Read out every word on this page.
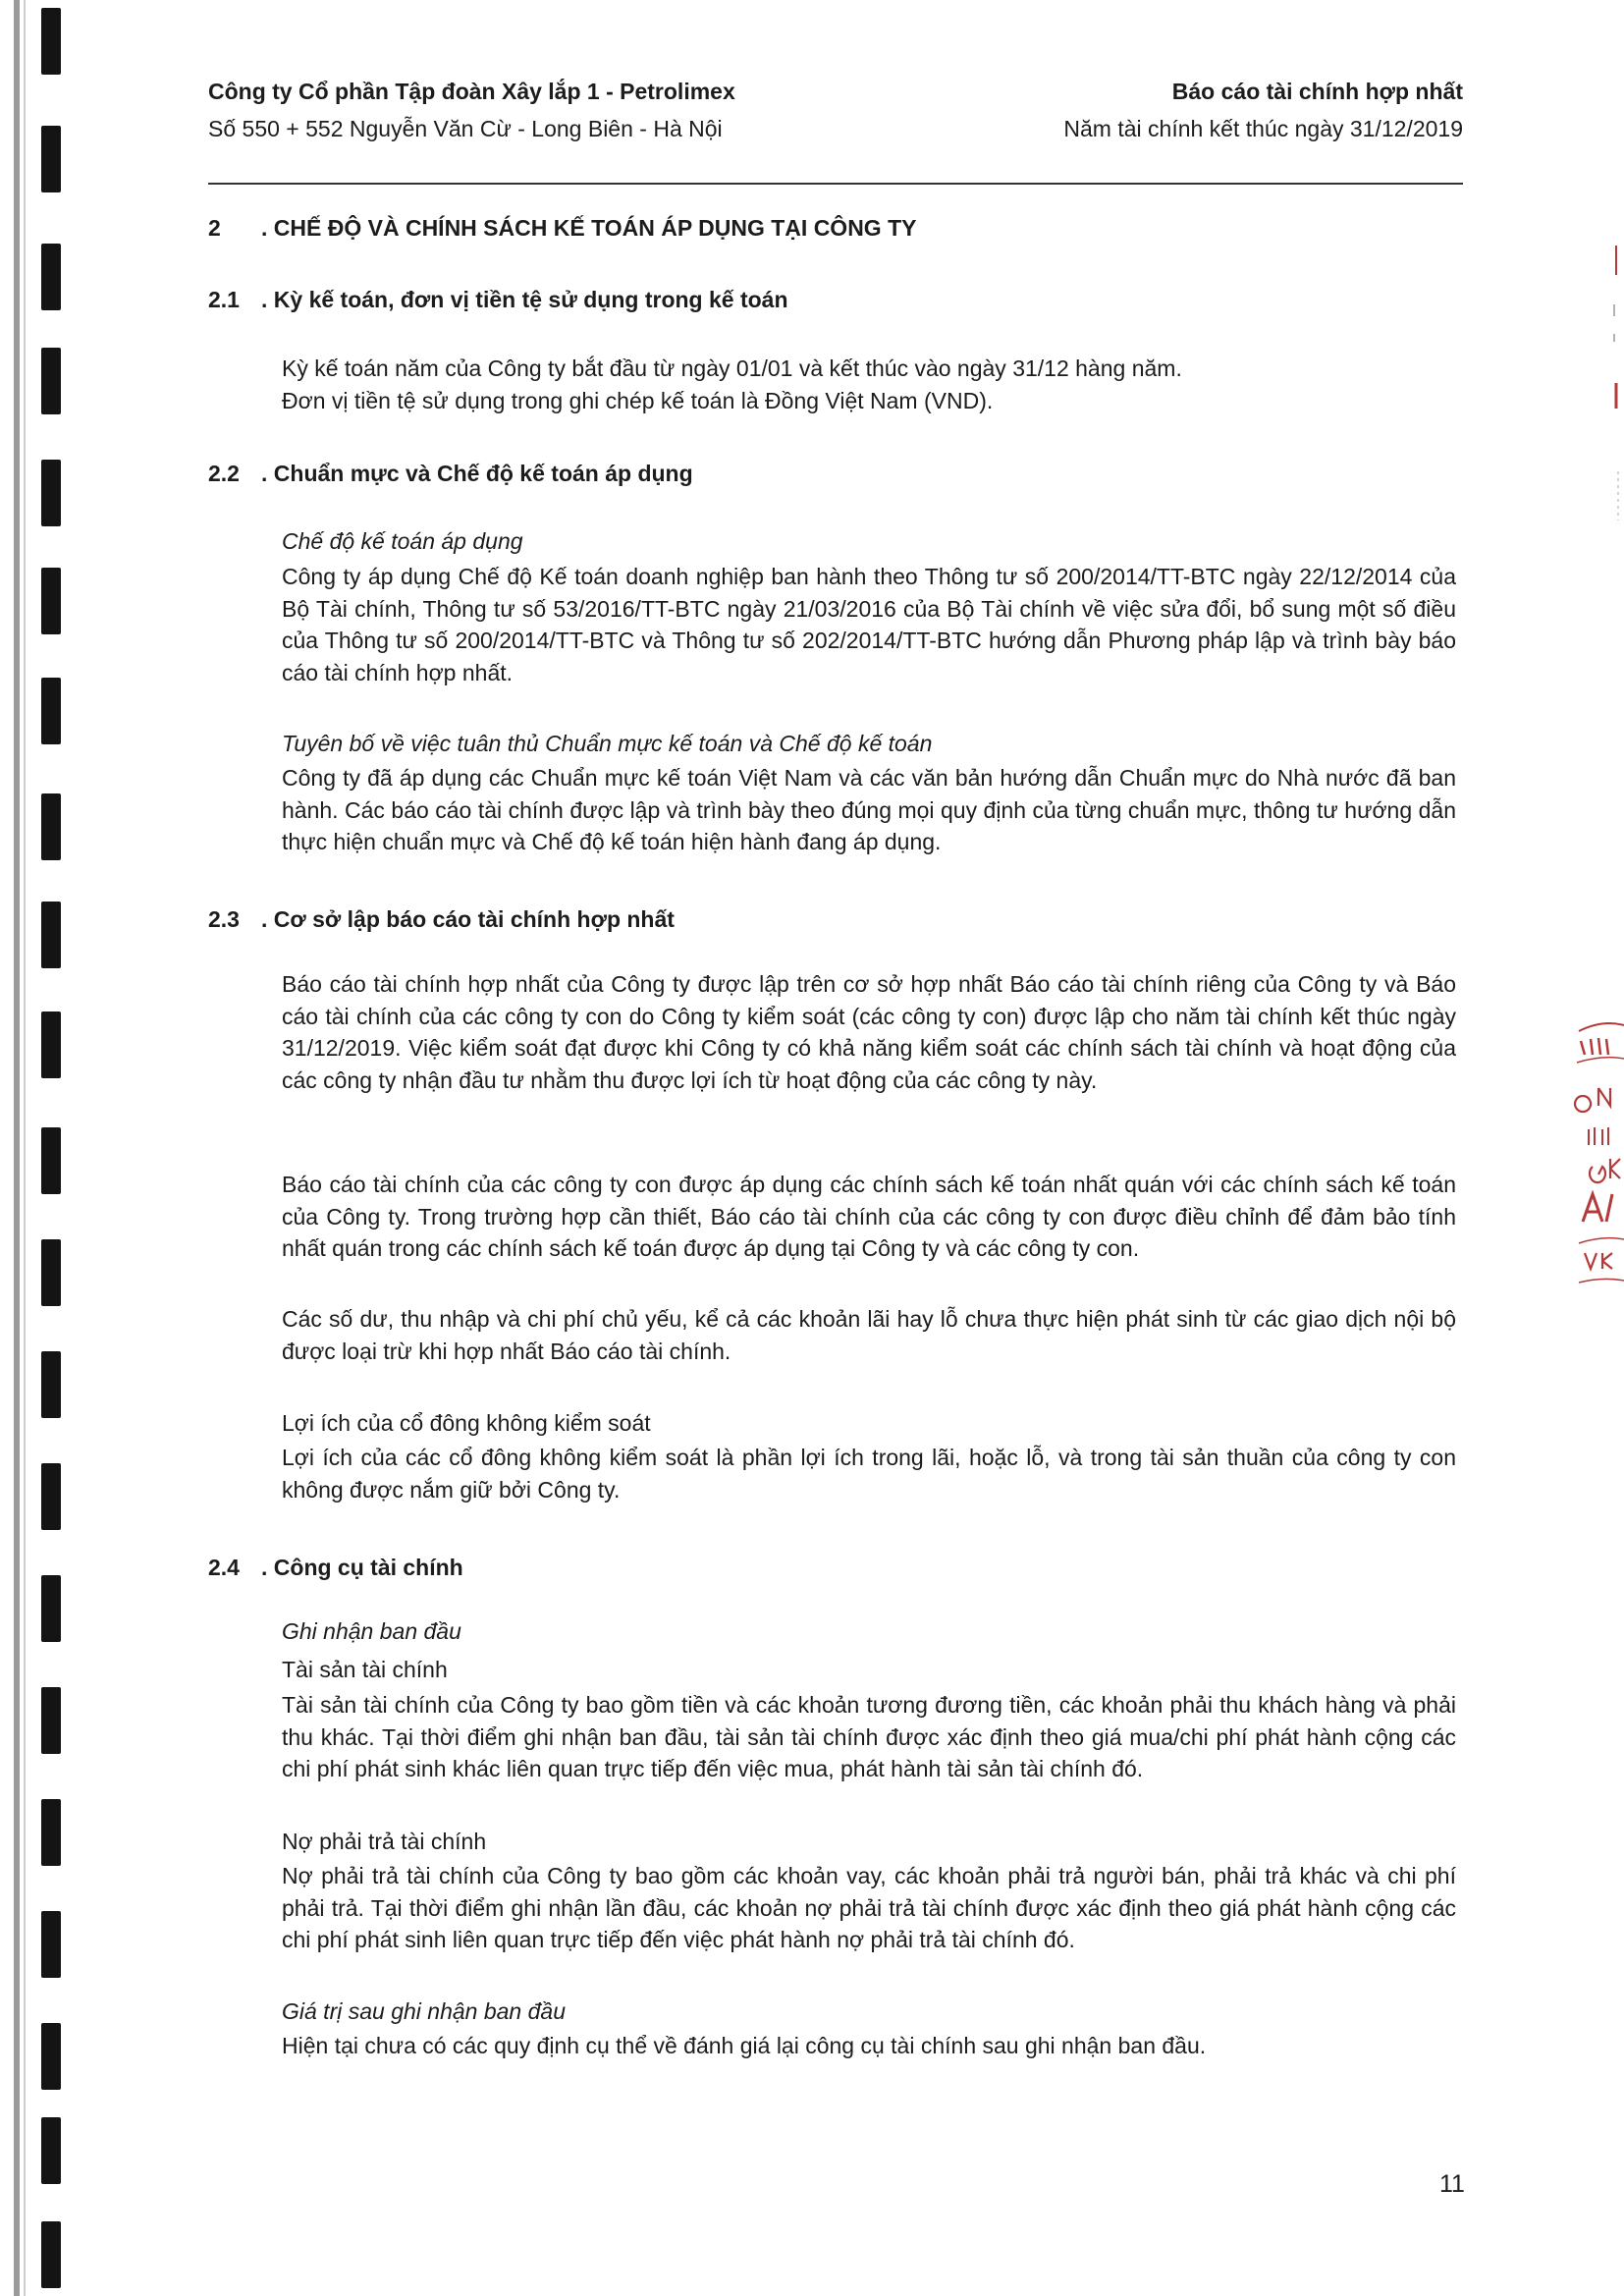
Công ty Cổ phần Tập đoàn Xây lắp 1 - Petrolimex
Số 550 + 552 Nguyễn Văn Cừ - Long Biên - Hà Nội
Báo cáo tài chính hợp nhất
Năm tài chính kết thúc ngày 31/12/2019
2 . CHẾ ĐỘ VÀ CHÍNH SÁCH KẾ TOÁN ÁP DỤNG TẠI CÔNG TY
2.1 . Kỳ kế toán, đơn vị tiền tệ sử dụng trong kế toán
Kỳ kế toán năm của Công ty bắt đầu từ ngày 01/01 và kết thúc vào ngày 31/12 hàng năm.
Đơn vị tiền tệ sử dụng trong ghi chép kế toán là Đồng Việt Nam (VND).
2.2 . Chuẩn mực và Chế độ kế toán áp dụng
Chế độ kế toán áp dụng
Công ty áp dụng Chế độ Kế toán doanh nghiệp ban hành theo Thông tư số 200/2014/TT-BTC ngày 22/12/2014 của Bộ Tài chính, Thông tư số 53/2016/TT-BTC ngày 21/03/2016 của Bộ Tài chính về việc sửa đổi, bổ sung một số điều của Thông tư số 200/2014/TT-BTC và Thông tư số 202/2014/TT-BTC hướng dẫn Phương pháp lập và trình bày báo cáo tài chính hợp nhất.
Tuyên bố về việc tuân thủ Chuẩn mực kế toán và Chế độ kế toán
Công ty đã áp dụng các Chuẩn mực kế toán Việt Nam và các văn bản hướng dẫn Chuẩn mực do Nhà nước đã ban hành. Các báo cáo tài chính được lập và trình bày theo đúng mọi quy định của từng chuẩn mực, thông tư hướng dẫn thực hiện chuẩn mực và Chế độ kế toán hiện hành đang áp dụng.
2.3 . Cơ sở lập báo cáo tài chính hợp nhất
Báo cáo tài chính hợp nhất của Công ty được lập trên cơ sở hợp nhất Báo cáo tài chính riêng của Công ty và Báo cáo tài chính của các công ty con do Công ty kiểm soát (các công ty con) được lập cho năm tài chính kết thúc ngày 31/12/2019. Việc kiểm soát đạt được khi Công ty có khả năng kiểm soát các chính sách tài chính và hoạt động của các công ty nhận đầu tư nhằm thu được lợi ích từ hoạt động của các công ty này.
Báo cáo tài chính của các công ty con được áp dụng các chính sách kế toán nhất quán với các chính sách kế toán của Công ty. Trong trường hợp cần thiết, Báo cáo tài chính của các công ty con được điều chỉnh để đảm bảo tính nhất quán trong các chính sách kế toán được áp dụng tại Công ty và các công ty con.
Các số dư, thu nhập và chi phí chủ yếu, kể cả các khoản lãi hay lỗ chưa thực hiện phát sinh từ các giao dịch nội bộ được loại trừ khi hợp nhất Báo cáo tài chính.
Lợi ích của cổ đông không kiểm soát
Lợi ích của các cổ đông không kiểm soát là phần lợi ích trong lãi, hoặc lỗ, và trong tài sản thuần của công ty con không được nắm giữ bởi Công ty.
2.4 . Công cụ tài chính
Ghi nhận ban đầu
Tài sản tài chính
Tài sản tài chính của Công ty bao gồm tiền và các khoản tương đương tiền, các khoản phải thu khách hàng và phải thu khác. Tại thời điểm ghi nhận ban đầu, tài sản tài chính được xác định theo giá mua/chi phí phát hành cộng các chi phí phát sinh khác liên quan trực tiếp đến việc mua, phát hành tài sản tài chính đó.
Nợ phải trả tài chính
Nợ phải trả tài chính của Công ty bao gồm các khoản vay, các khoản phải trả người bán, phải trả khác và chi phí phải trả. Tại thời điểm ghi nhận lần đầu, các khoản nợ phải trả tài chính được xác định theo giá phát hành cộng các chi phí phát sinh liên quan trực tiếp đến việc phát hành nợ phải trả tài chính đó.
Giá trị sau ghi nhận ban đầu
Hiện tại chưa có các quy định cụ thể về đánh giá lại công cụ tài chính sau ghi nhận ban đầu.
11
